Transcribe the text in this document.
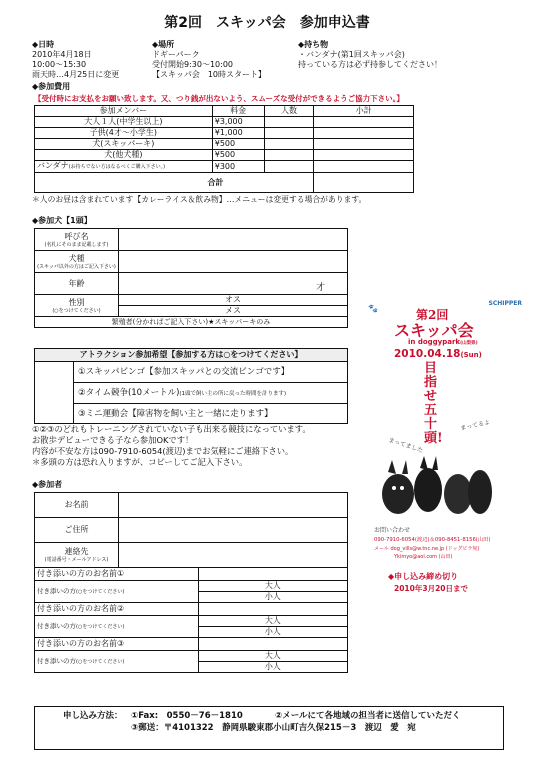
第2回　スキッパ会　参加申込書
◆日時
2010年4月18日
10:00～15:30
雨天時…4月25日に変更
◆場所
ドギーパーク
受付開始9:30～10:00
【スキッパ会　10時スタート】
◆持ち物
・バンダナ(第1回スキッパ会)
持っている方は必ず持参してください！
◆参加費用
【受付時にお支払をお願い致します。又、つり銭が出ないよう、スムーズな受付ができるようご協力下さい。】
参加メンバー	料金	人数	小計
大人１人(中学生以上)	¥3,000		
子供(4才～小学生)	¥1,000		
犬(スキッパーキ)	¥500		
犬(他犬種)	¥500		
バンダナ(お持ちでない方はなるべくご購入下さい。)	¥300		
合計			
＊人のお昼は含まれています【カレーライス＆飲み物】…メニューは変更する場合があります。
◆参加犬【1頭】
呼び名
(名札にそのまま記載します)	

犬種
(スキッパ以外の方はご記入下さい)	

年齢	

性別
(○をつけてください)	オス
	メス
繁殖者(分かればご記入下さい)★スキッパーキのみ	
才
アトラクション参加希望【参加する方は○をつけてください】
①スキッパビンゴ【参加スキッパとの交流ビンゴです】
②タイム競争(10メートル)(1頭で飼い主の所に戻った時間を計ります)
③ミニ運動会【障害物を飼い主と一緒に走ります】
①②③のどれもトレーニングされていない子も出来る競技になっています。
お散歩デビューできる子なら参加OKです！
内容が不安な方は090-7910-6054(渡辺)までお気軽にご連絡下さい。
＊多頭の方は恐れ入りますが、コピーしてご記入下さい。
◆参加者
お名前		
ご住所		

連絡先
(電話番号・メールアドレス)		

付き添いの方のお名前①		
付き添いの方(○をつけてください)		大人
		小人
付き添いの方のお名前②		
付き添いの方(○をつけてください)		大人
		小人
付き添いの方のお名前③		
付き添いの方(○をつけてください)		大人
		小人
SCHIPPER
🐾	第2回
スキッパ会
in doggypark(山梨県)
2010.04.18(Sun)
目指せ五十頭!
まってるよ
まってました
お問い合わせ
090-7910-6054(渡辺)＆090-8451-8156(山田)
メール dog_vills@w.tnc.ne.jp (ドッグビラ宛)
Ykimyo@aol.com (山田)
◆申し込み締め切り
2010年3月20日まで
申し込み方法： ①Fax:　0550－76－1810	②メールにて各地域の担当者に送信していただく
③郵送：〒4101322　静岡県駿東郡小山町吉久保215－3　渡辺　愛　宛
